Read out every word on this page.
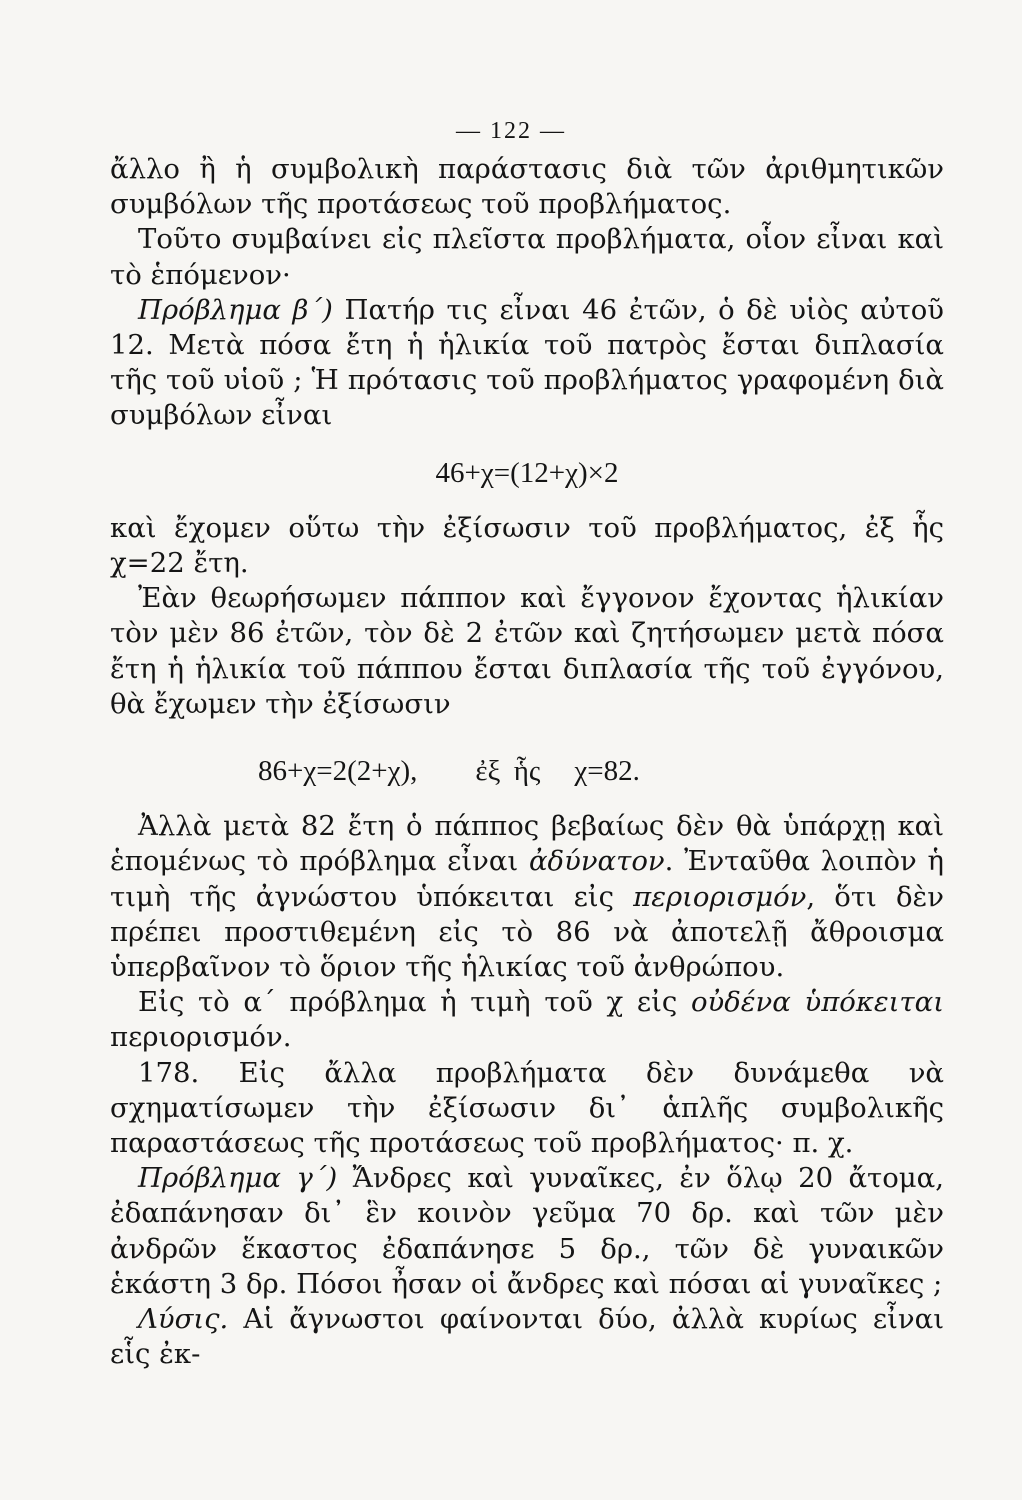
— 122 —

ἄλλο ἢ ἡ συμβολικὴ παράστασις διὰ τῶν ἀριθμητικῶν συμβόλων τῆς προτάσεως τοῦ προβλήματος.

Τοῦτο συμβαίνει εἰς πλεῖστα προβλήματα, οἷον εἶναι καὶ τὸ ἑπόμενον·

Πρόβλημα β΄) Πατήρ τις εἶναι 46 ἐτῶν, ὁ δὲ υἱὸς αὐτοῦ 12. Μετὰ πόσα ἔτη ἡ ἡλικία τοῦ πατρὸς ἔσται διπλασία τῆς τοῦ υἱοῦ ; Ἡ πρότασις τοῦ προβλήματος γραφομένη διὰ συμβόλων εἶναι

46+χ=(12+χ)×2

καὶ ἔχομεν οὕτω τὴν ἐξίσωσιν τοῦ προβλήματος, ἐξ ἧς χ=22 ἔτη.

Ἐὰν θεωρήσωμεν πάππον καὶ ἔγγονον ἔχοντας ἡλικίαν τὸν μὲν 86 ἐτῶν, τὸν δὲ 2 ἐτῶν καὶ ζητήσωμεν μετὰ πόσα ἔτη ἡ ἡλικία τοῦ πάππου ἔσται διπλασία τῆς τοῦ ἐγγόνου, θὰ ἔχωμεν τὴν ἐξίσωσιν

86+χ=2(2+χ), ἐξ ἧς χ=82.

Ἀλλὰ μετὰ 82 ἔτη ὁ πάππος βεβαίως δὲν θὰ ὑπάρχῃ καὶ ἑπομένως τὸ πρόβλημα εἶναι ἀδύνατον. Ἐνταῦθα λοιπὸν ἡ τιμὴ τῆς ἀγνώστου ὑπόκειται εἰς περιορισμόν, ὅτι δὲν πρέπει προστιθεμένη εἰς τὸ 86 νὰ ἀποτελῇ ἄθροισμα ὑπερβαῖνον τὸ ὅριον τῆς ἡλικίας τοῦ ἀνθρώπου.

Εἰς τὸ α΄ πρόβλημα ἡ τιμὴ τοῦ χ εἰς οὐδένα ὑπόκειται περιορισμόν.

178. Εἰς ἄλλα προβλήματα δὲν δυνάμεθα νὰ σχηματίσωμεν τὴν ἐξίσωσιν δι᾿ ἁπλῆς συμβολικῆς παραστάσεως τῆς προτάσεως τοῦ προβλήματος· π. χ.

Πρόβλημα γ΄) Ἄνδρες καὶ γυναῖκες, ἐν ὅλῳ 20 ἄτομα, ἐδαπάνησαν δι᾿ ἓν κοινὸν γεῦμα 70 δρ. καὶ τῶν μὲν ἀνδρῶν ἕκαστος ἐδαπάνησε 5 δρ., τῶν δὲ γυναικῶν ἑκάστη 3 δρ. Πόσοι ἦσαν οἱ ἄνδρες καὶ πόσαι αἱ γυναῖκες ;

Λύσις. Αἱ ἄγνωστοι φαίνονται δύο, ἀλλὰ κυρίως εἶναι εἷς ἐκ-
